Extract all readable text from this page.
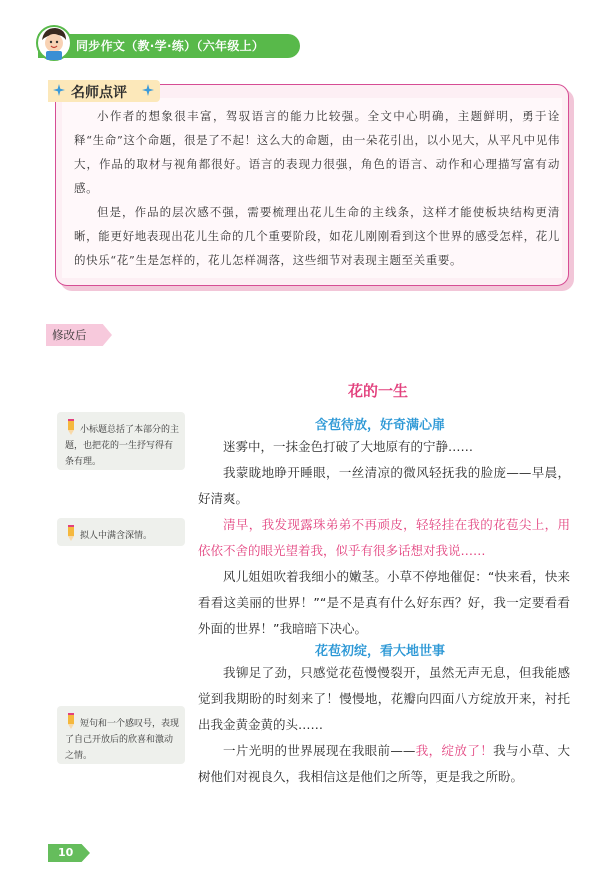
同步作文（教·学·练）（六年级上）
名师点评

小作者的想象很丰富，驾驭语言的能力比较强。全文中心明确，主题鲜明，勇于诠释“生命”这个命题，很是了不起！这么大的命题，由一朵花引出，以小见大，从平凡中见伟大，作品的取材与视角都很好。语言的表现力很强，角色的语言、动作和心理描写富有动感。

但是，作品的层次感不强，需要梳理出花儿生命的主线条，这样才能使板块结构更清晰，能更好地表现出花儿生命的几个重要阶段，如花儿刚刚看到这个世界的感受怎样，花儿的快乐“花”生是怎样的，花儿怎样凋落，这些细节对表现主题至关重要。

修改后
花的一生
含苞待放，好奇满心扉

迷雾中，一抹金色打破了大地原有的宁静……

我蒙眬地睁开睡眼，一丝清凉的微风轻抚我的脸庞——早晨，好清爽。

清早，我发现露珠弟弟不再顽皮，轻轻挂在我的花苞尖上，用依依不舍的眼光望着我，似乎有很多话想对我说……

风儿姐姐吹着我细小的嫩茎。小草不停地催促：“快来看，快来看看这美丽的世界！”“是不是真有什么好东西？好，我一定要看看外面的世界！”我暗暗下决心。

花苞初绽，看大地世事

我铆足了劲，只感觉花苞慢慢裂开，虽然无声无息，但我能感觉到我期盼的时刻来了！慢慢地，花瓣向四面八方绽放开来，衬托出我金黄金黄的头……

一片光明的世界展现在我眼前——我，绽放了！我与小草、大树他们对视良久，我相信这是他们之所等，更是我之所盼。

小标题总括了本部分的主题，也把花的一生抒写得有条有理。
拟人中满含深情。
短句和一个感叹号，表现了自己开放后的欣喜和激动之情。
10
